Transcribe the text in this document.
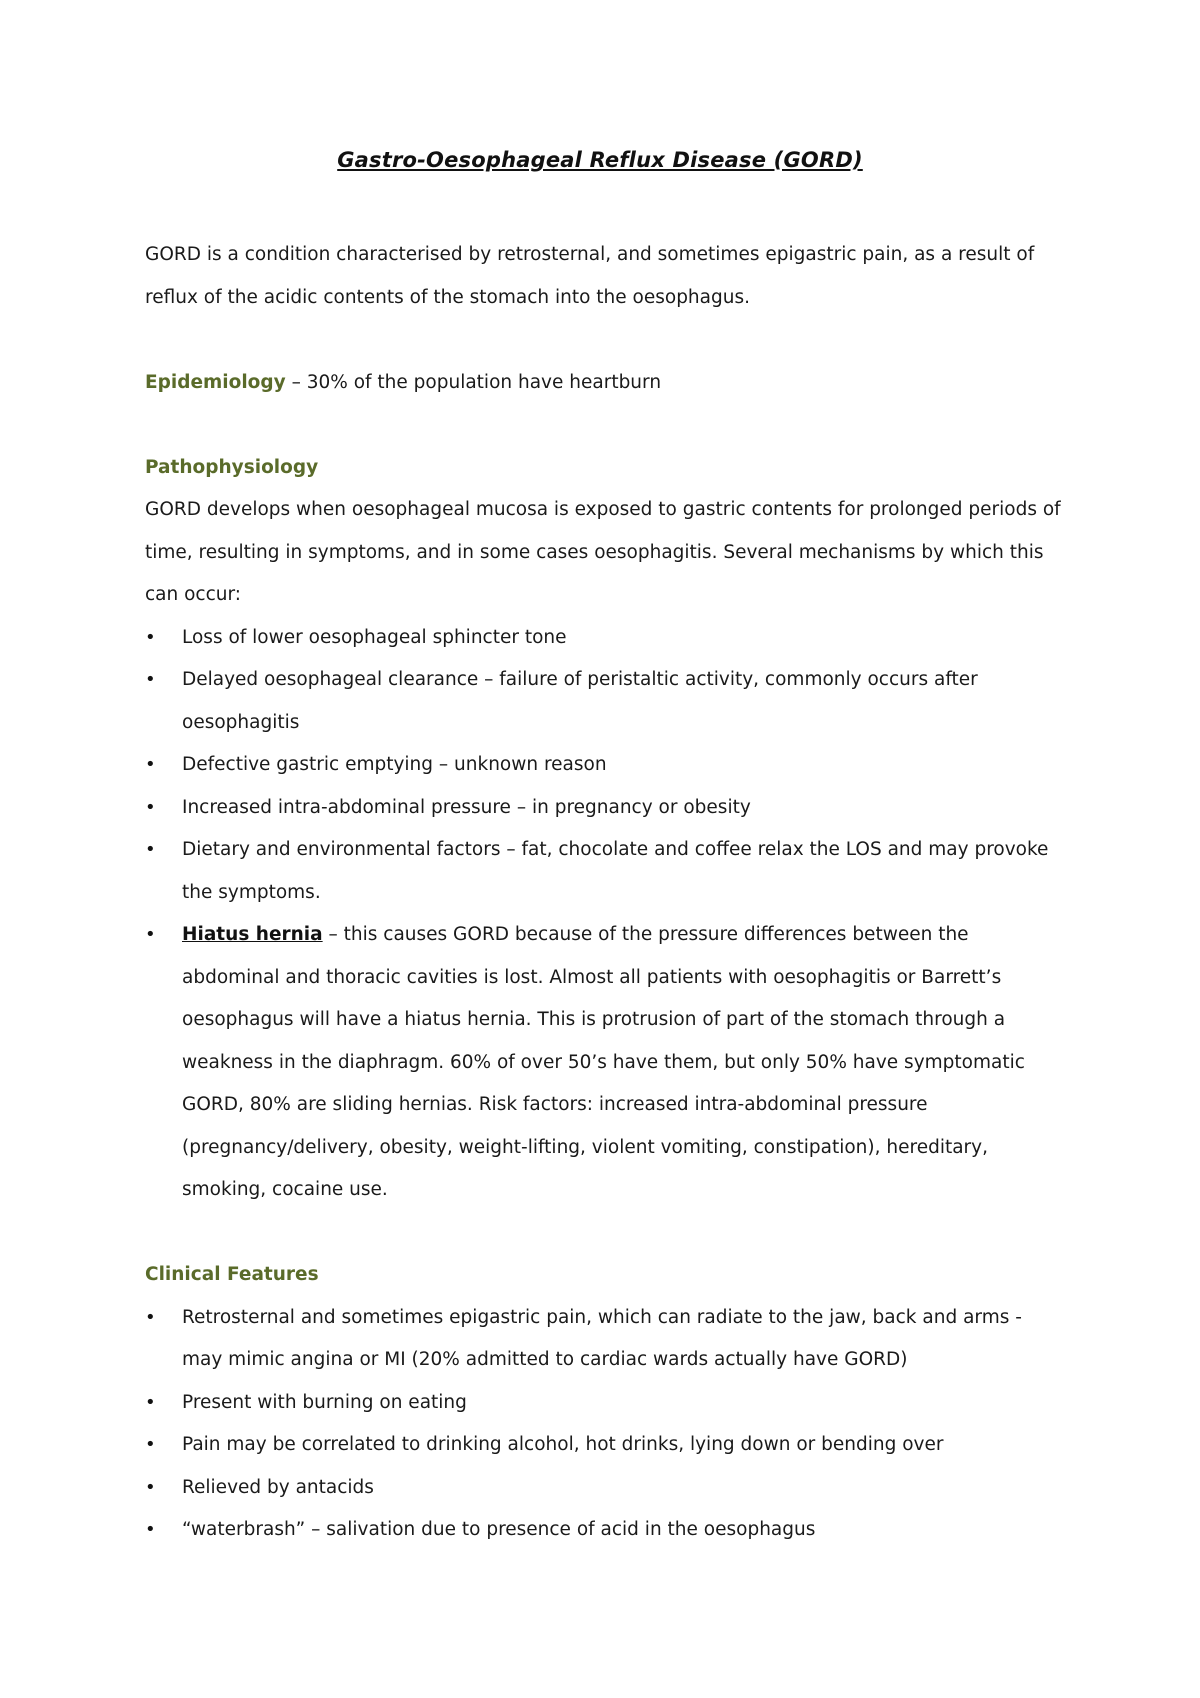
Gastro-Oesophageal Reflux Disease (GORD)

GORD is a condition characterised by retrosternal, and sometimes epigastric pain, as a result of reflux of the acidic contents of the stomach into the oesophagus.

Epidemiology – 30% of the population have heartburn

Pathophysiology

GORD develops when oesophageal mucosa is exposed to gastric contents for prolonged periods of time, resulting in symptoms, and in some cases oesophagitis. Several mechanisms by which this can occur:

• Loss of lower oesophageal sphincter tone
• Delayed oesophageal clearance – failure of peristaltic activity, commonly occurs after oesophagitis
• Defective gastric emptying – unknown reason
• Increased intra-abdominal pressure – in pregnancy or obesity
• Dietary and environmental factors – fat, chocolate and coffee relax the LOS and may provoke the symptoms.
• Hiatus hernia – this causes GORD because of the pressure differences between the abdominal and thoracic cavities is lost. Almost all patients with oesophagitis or Barrett’s oesophagus will have a hiatus hernia. This is protrusion of part of the stomach through a weakness in the diaphragm. 60% of over 50’s have them, but only 50% have symptomatic GORD, 80% are sliding hernias. Risk factors: increased intra-abdominal pressure (pregnancy/delivery, obesity, weight-lifting, violent vomiting, constipation), hereditary, smoking, cocaine use.

Clinical Features

• Retrosternal and sometimes epigastric pain, which can radiate to the jaw, back and arms - may mimic angina or MI (20% admitted to cardiac wards actually have GORD)
• Present with burning on eating
• Pain may be correlated to drinking alcohol, hot drinks, lying down or bending over
• Relieved by antacids
• “waterbrash” – salivation due to presence of acid in the oesophagus
